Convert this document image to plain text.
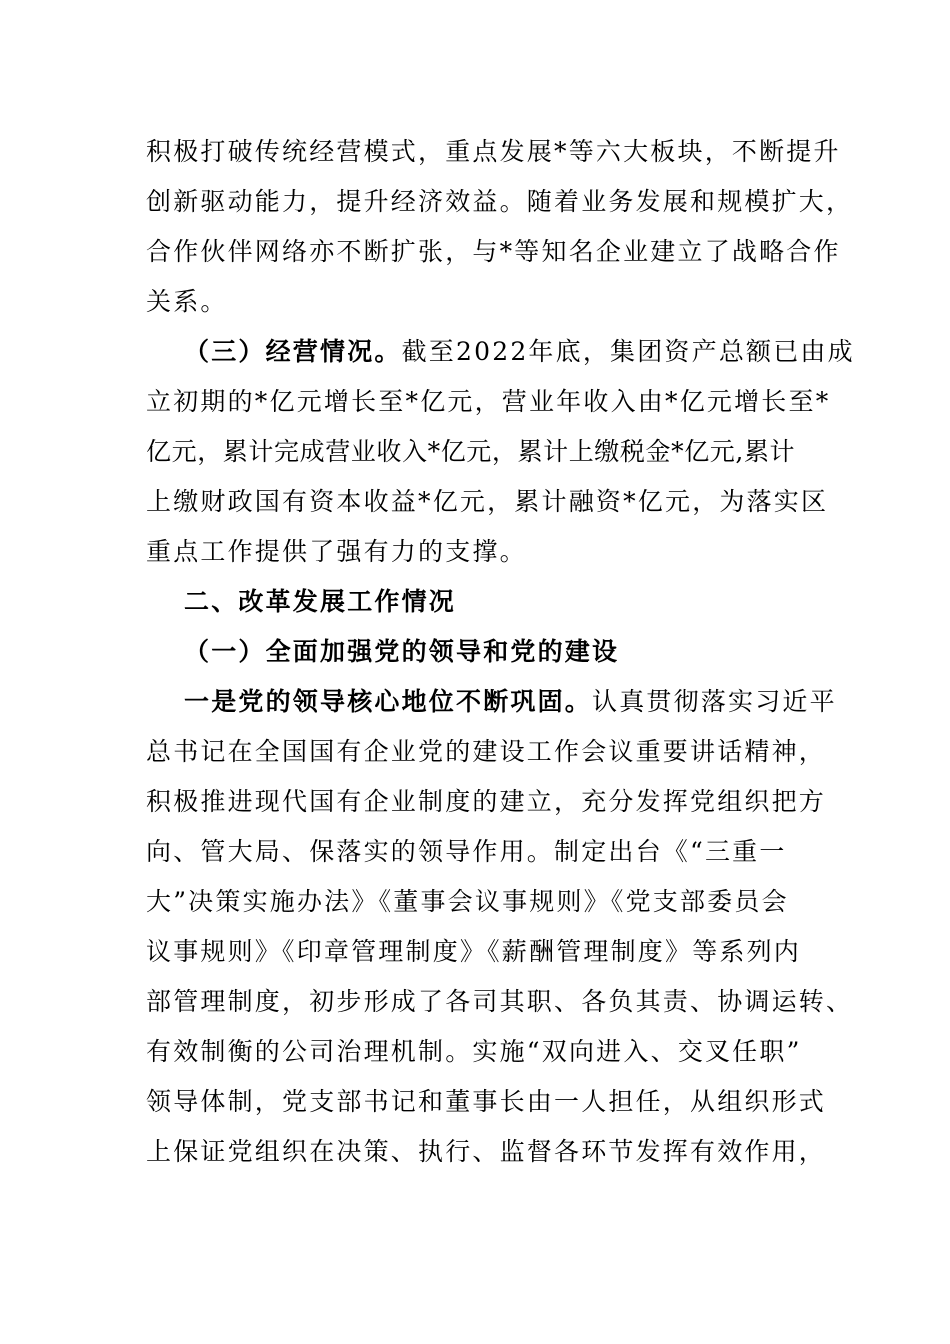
积极打破传统经营模式，重点发展*等六大板块，不断提升
创新驱动能力，提升经济效益。随着业务发展和规模扩大，
合作伙伴网络亦不断扩张，与*等知名企业建立了战略合作
关系。
（三）经营情况。截至2022年底，集团资产总额已由成
立初期的*亿元增长至*亿元，营业年收入由*亿元增长至*
亿元，累计完成营业收入*亿元，累计上缴税金*亿元,累计
上缴财政国有资本收益*亿元，累计融资*亿元，为落实区
重点工作提供了强有力的支撑。
二、改革发展工作情况
（一）全面加强党的领导和党的建设
一是党的领导核心地位不断巩固。认真贯彻落实习近平
总书记在全国国有企业党的建设工作会议重要讲话精神，
积极推进现代国有企业制度的建立，充分发挥党组织把方
向、管大局、保落实的领导作用。制定出台《“三重一
大”决策实施办法》《董事会议事规则》《党支部委员会
议事规则》《印章管理制度》《薪酬管理制度》等系列内
部管理制度，初步形成了各司其职、各负其责、协调运转、
有效制衡的公司治理机制。实施“双向进入、交叉任职”
领导体制，党支部书记和董事长由一人担任，从组织形式
上保证党组织在决策、执行、监督各环节发挥有效作用，
